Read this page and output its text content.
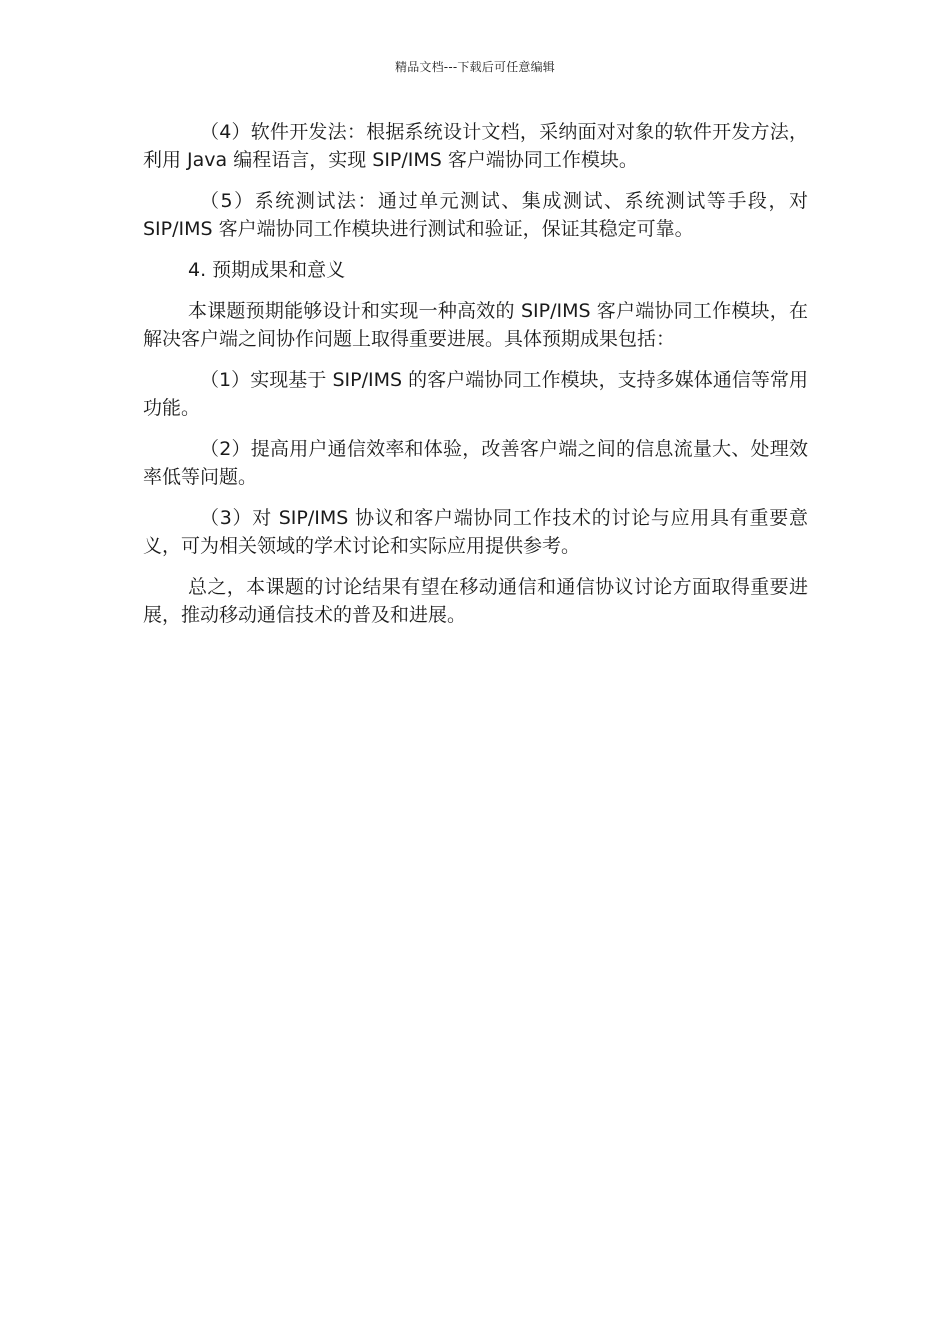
精品文档---下载后可任意编辑

（4）软件开发法：根据系统设计文档，采纳面对对象的软件开发方法，利用 Java 编程语言，实现 SIP/IMS 客户端协同工作模块。

（5）系统测试法：通过单元测试、集成测试、系统测试等手段，对 SIP/IMS 客户端协同工作模块进行测试和验证，保证其稳定可靠。

4. 预期成果和意义

本课题预期能够设计和实现一种高效的 SIP/IMS 客户端协同工作模块，在解决客户端之间协作问题上取得重要进展。具体预期成果包括：

（1）实现基于 SIP/IMS 的客户端协同工作模块，支持多媒体通信等常用功能。

（2）提高用户通信效率和体验，改善客户端之间的信息流量大、处理效率低等问题。

（3）对 SIP/IMS 协议和客户端协同工作技术的讨论与应用具有重要意义，可为相关领域的学术讨论和实际应用提供参考。

总之，本课题的讨论结果有望在移动通信和通信协议讨论方面取得重要进展，推动移动通信技术的普及和进展。
